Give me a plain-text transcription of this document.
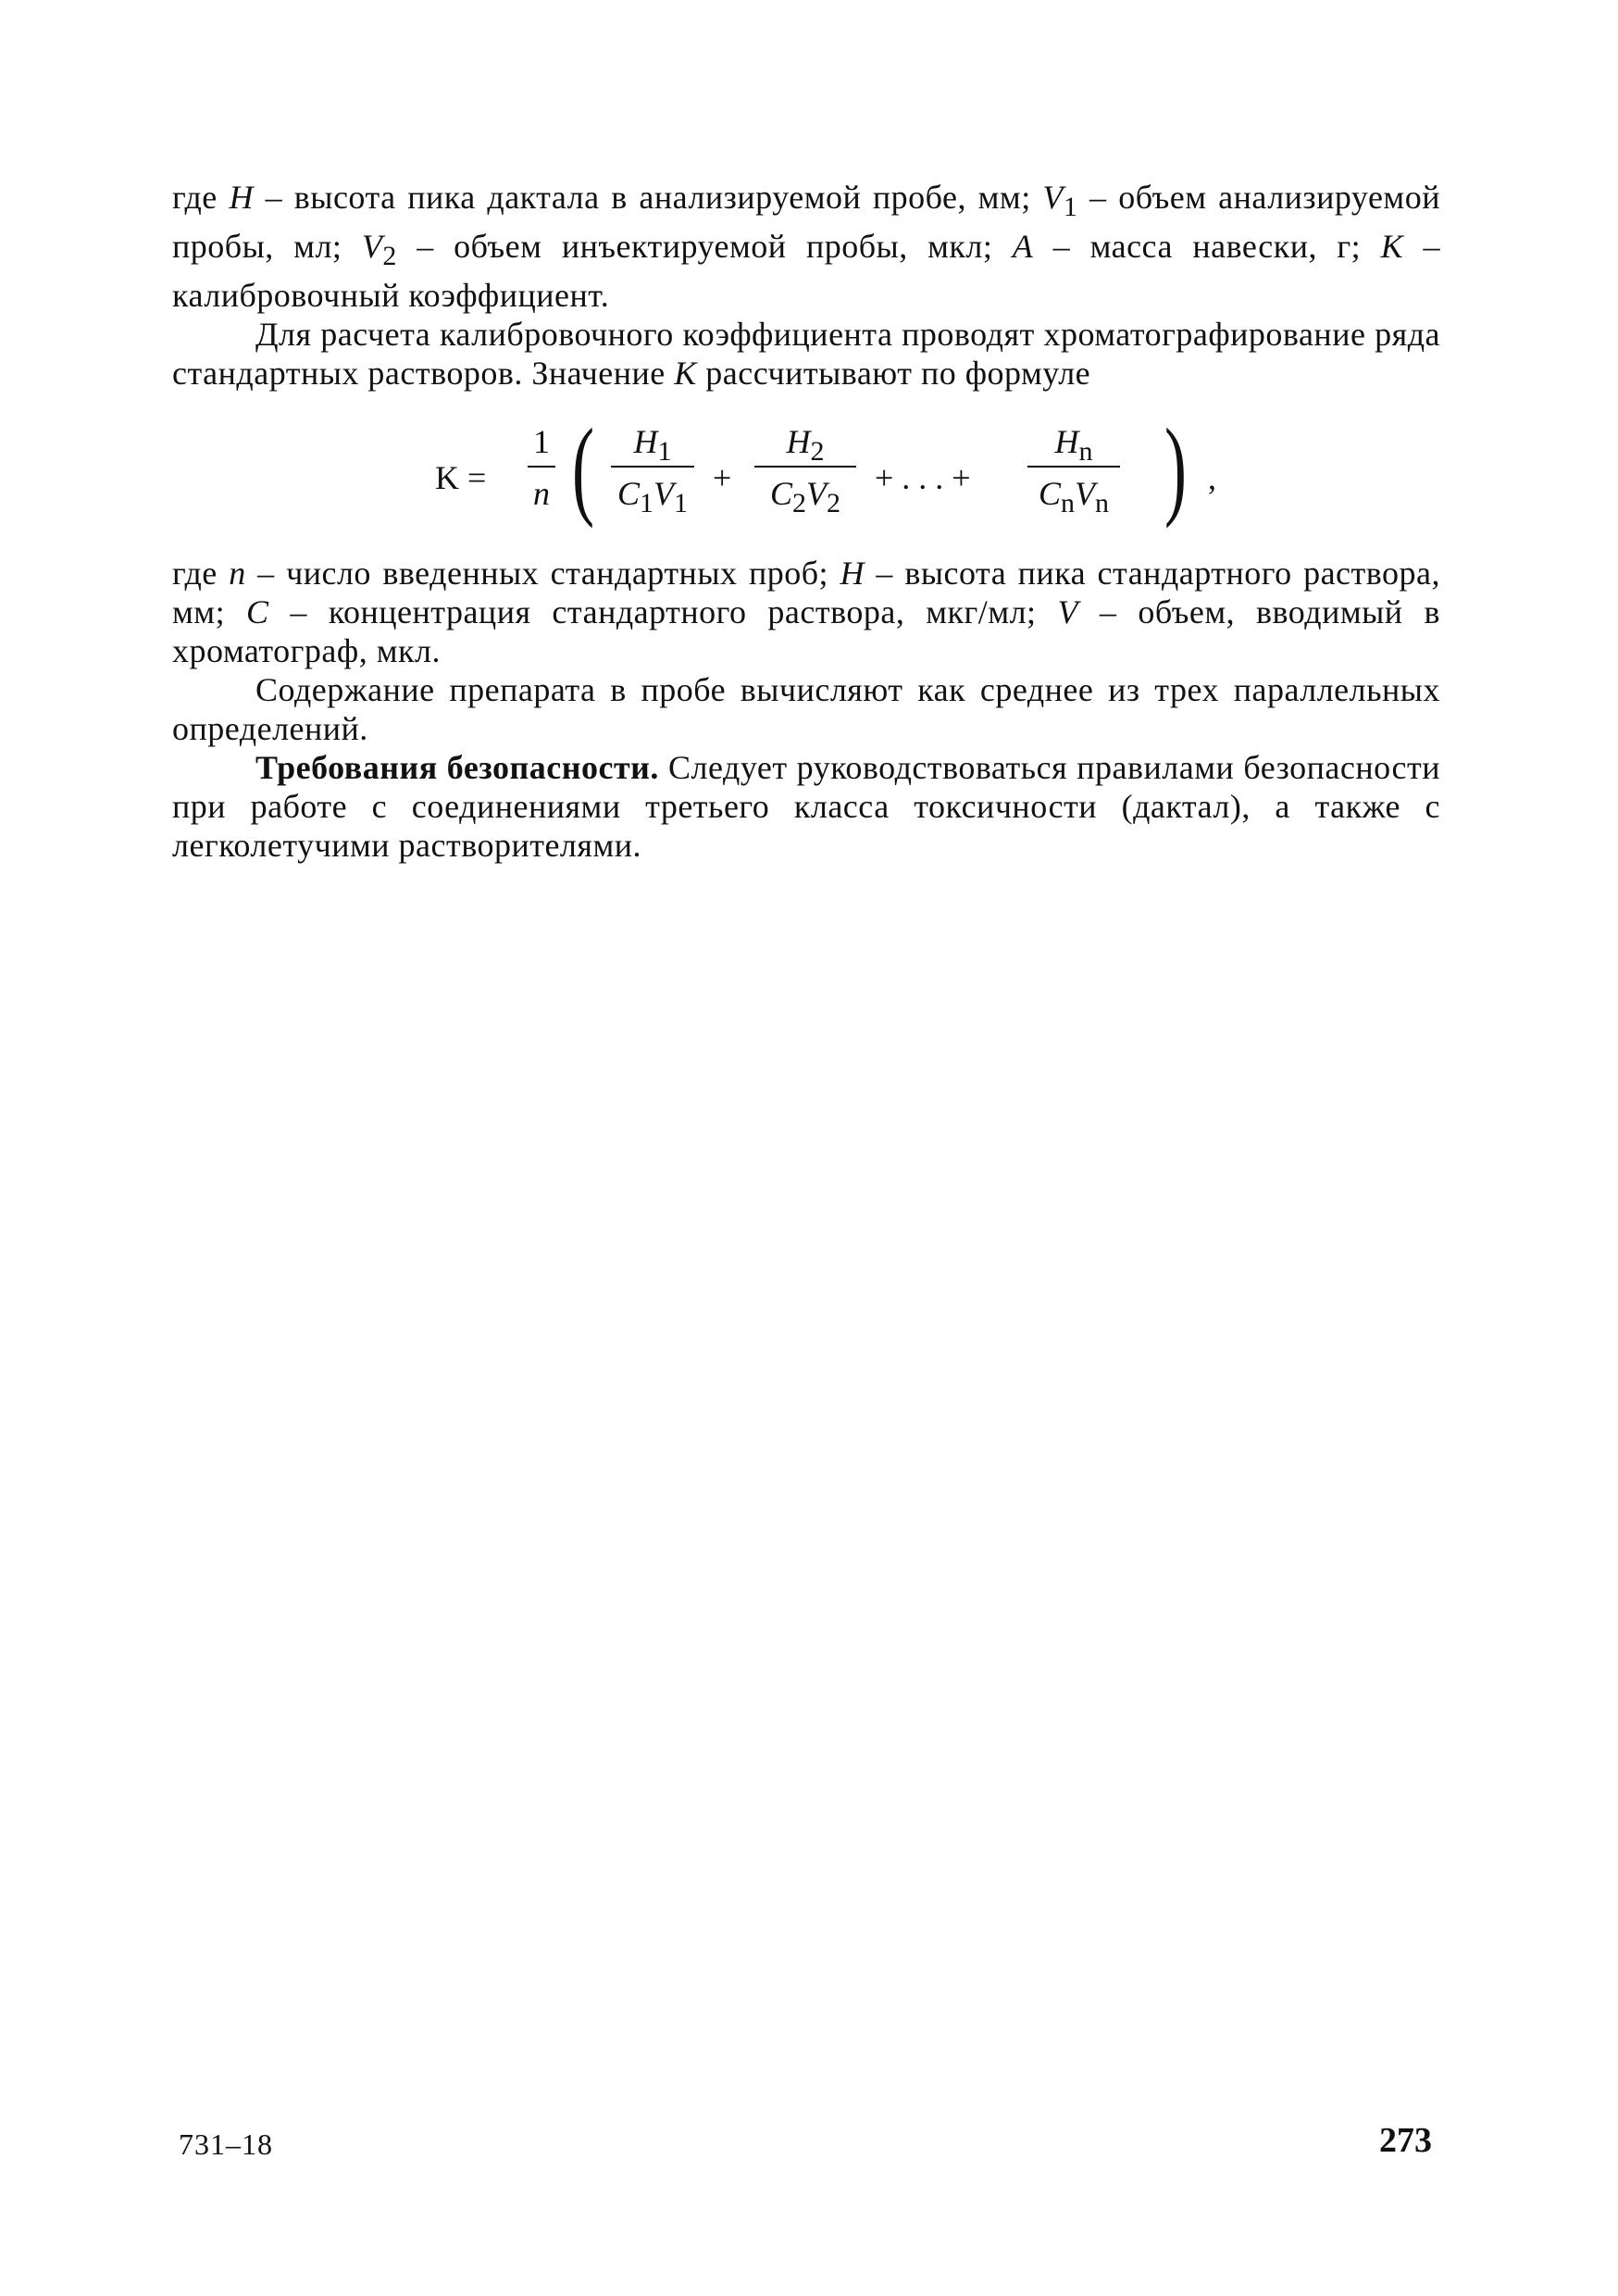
где H – высота пика дактала в анализируемой пробе, мм; $V_1$ – объем анализируемой пробы, мл; $V_2$ – объем инъектируемой пробы, мкл; A – масса навески, г; K – калибровочный коэффициент.

Для расчета калибровочного коэффициента проводят хроматографирование ряда стандартных растворов. Значение K рассчитывают по формуле

K =
1
n (	$H_1$
$C_1V_1$
+
$H_2$
$C_2V_2$
+ . . . +
$H_n$
$C_nV_n$ ) ,

где n – число введенных стандартных проб; H – высота пика стандартного раствора, мм; C – концентрация стандартного раствора, мкг/мл; V – объем, вводимый в хроматограф, мкл.

Содержание препарата в пробе вычисляют как среднее из трех параллельных определений.

Требования безопасности. Следует руководствоваться правилами безопасности при работе с соединениями третьего класса токсичности (дактал), а также с легколетучими растворителями.

731–18	273
